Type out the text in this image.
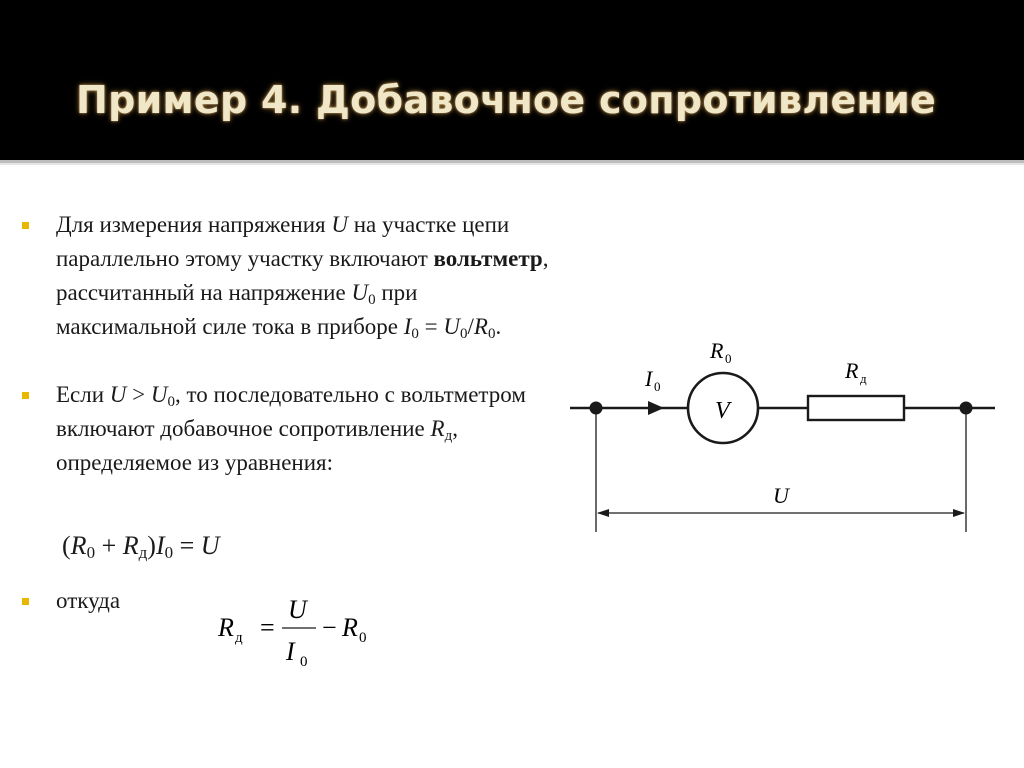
Пример 4. Добавочное сопротивление

Для измерения напряжения U на участке цепи параллельно этому участку включают вольтметр, рассчитанный на напряжение $U_0$ при максимальной силе тока в приборе $I_0 = U_0/R_0$.

Если $U > U_0$, то последовательно с вольтметром включают добавочное сопротивление $R_д$, определяемое из уравнения:

$(R_0 + R_д)I_0 = U$

откуда

R д =
U
I 0
− R 0
V
R 0	R д
I 0
U
